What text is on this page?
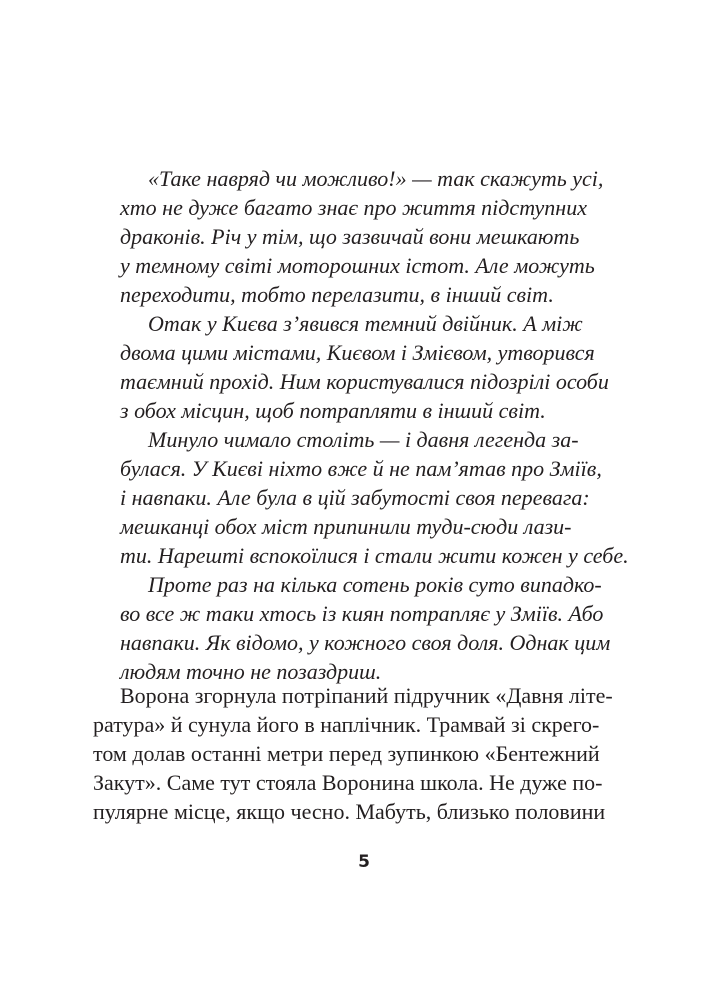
«Таке навряд чи можливо!» — так скажуть усі,
хто не дуже багато знає про життя підступних
драконів. Річ у тім, що зазвичай вони мешкають
у темному світі моторошних істот. Але можуть
переходити, тобто перелазити, в інший світ.
Отак у Києва з’явився темний двійник. А між
двома цими містами, Києвом і Змієвом, утворився
таємний прохід. Ним користувалися підозрілі особи
з обох місцин, щоб потрапляти в інший світ.
Минуло чимало століть — і давня легенда за-
булася. У Києві ніхто вже й не пам’ятав про Зміїв,
і навпаки. Але була в цій забутості своя перевага:
мешканці обох міст припинили туди-сюди лази-
ти. Нарешті вспокоїлися і стали жити кожен у себе.
Проте раз на кілька сотень років суто випадко-
во все ж таки хтось із киян потрапляє у Зміїв. Або
навпаки. Як відомо, у кожного своя доля. Однак цим
людям точно не позаздриш.
Ворона згорнула потріпаний підручник «Давня літе-
ратура» й сунула його в наплічник. Трамвай зі скрего-
том долав останні метри перед зупинкою «Бентежний
Закут». Саме тут стояла Воронина школа. Не дуже по-
пулярне місце, якщо чесно. Мабуть, близько половини
5
